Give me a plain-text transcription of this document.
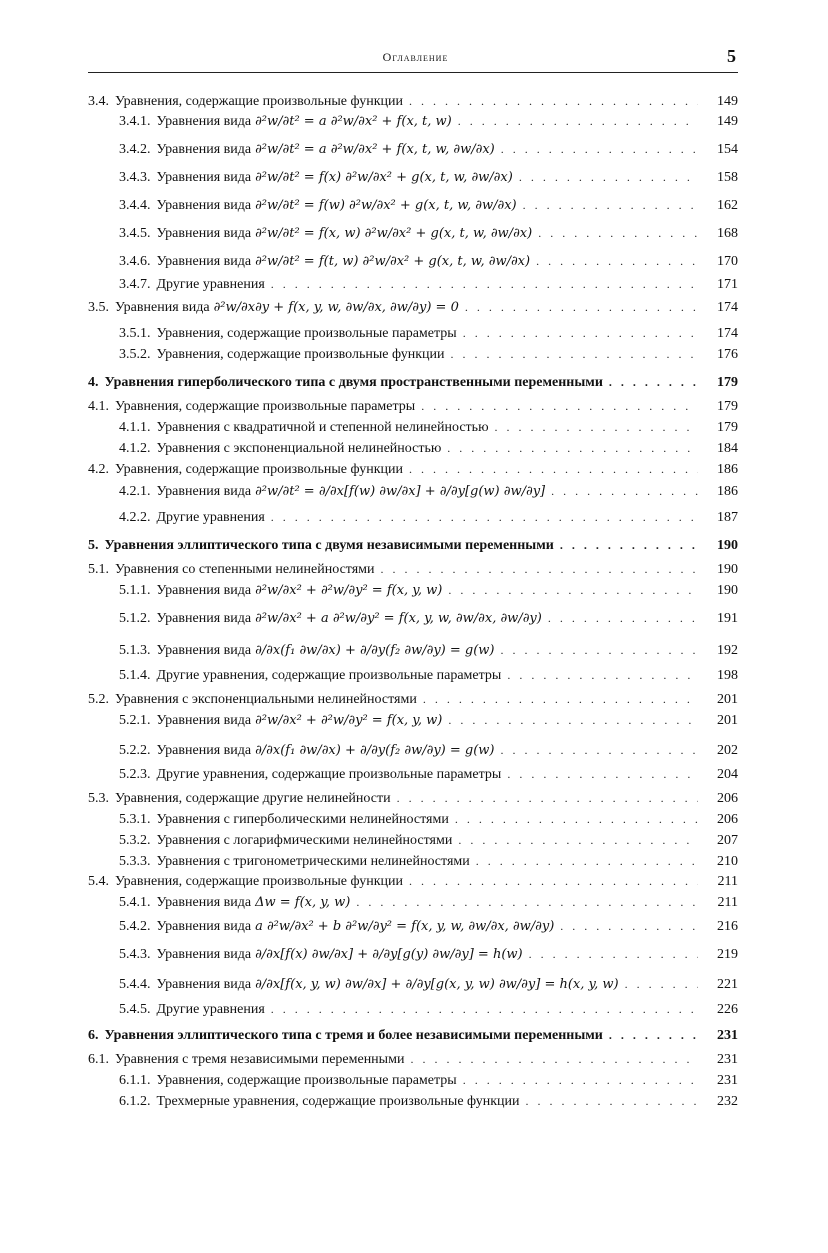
Оглавление	5
3.4. Уравнения, содержащие произвольные функции . . .	149
3.4.1. Уравнения вида ∂²w/∂t² = a ∂²w/∂x² + f(x, t, w) . . .	149
3.4.2. Уравнения вида ∂²w/∂t² = a ∂²w/∂x² + f(x, t, w, ∂w/∂x) . . .	154
3.4.3. Уравнения вида ∂²w/∂t² = f(x) ∂²w/∂x² + g(x, t, w, ∂w/∂x) . . .	158
3.4.4. Уравнения вида ∂²w/∂t² = f(w) ∂²w/∂x² + g(x, t, w, ∂w/∂x) . . .	162
3.4.5. Уравнения вида ∂²w/∂t² = f(x, w) ∂²w/∂x² + g(x, t, w, ∂w/∂x) . . .	168
3.4.6. Уравнения вида ∂²w/∂t² = f(t, w) ∂²w/∂x² + g(x, t, w, ∂w/∂x) . . .	170
3.4.7. Другие уравнения . . .	171
3.5. Уравнения вида ∂²w/∂x∂y + f(x, y, w, ∂w/∂x, ∂w/∂y) = 0 . . .	174
3.5.1. Уравнения, содержащие произвольные параметры . . .	174
3.5.2. Уравнения, содержащие произвольные функции . . .	176
4. Уравнения гиперболического типа с двумя пространственными переменными . . .	179
4.1. Уравнения, содержащие произвольные параметры . . .	179
4.1.1. Уравнения с квадратичной и степенной нелинейностью . . .	179
4.1.2. Уравнения с экспоненциальной нелинейностью . . .	184
4.2. Уравнения, содержащие произвольные функции . . .	186
4.2.1. Уравнения вида ∂²w/∂t² = ∂/∂x[f(w) ∂w/∂x] + ∂/∂y[g(w) ∂w/∂y] . . .	186
4.2.2. Другие уравнения . . .	187
5. Уравнения эллиптического типа с двумя независимыми переменными . . .	190
5.1. Уравнения со степенными нелинейностями . . .	190
5.1.1. Уравнения вида ∂²w/∂x² + ∂²w/∂y² = f(x, y, w) . . .	190
5.1.2. Уравнения вида ∂²w/∂x² + a ∂²w/∂y² = f(x, y, w, ∂w/∂x, ∂w/∂y) . . .	191
5.1.3. Уравнения вида ∂/∂x(f₁ ∂w/∂x) + ∂/∂y(f₂ ∂w/∂y) = g(w) . . .	192
5.1.4. Другие уравнения, содержащие произвольные параметры . . .	198
5.2. Уравнения с экспоненциальными нелинейностями . . .	201
5.2.1. Уравнения вида ∂²w/∂x² + ∂²w/∂y² = f(x, y, w) . . .	201
5.2.2. Уравнения вида ∂/∂x(f₁ ∂w/∂x) + ∂/∂y(f₂ ∂w/∂y) = g(w) . . .	202
5.2.3. Другие уравнения, содержащие произвольные параметры . . .	204
5.3. Уравнения, содержащие другие нелинейности . . .	206
5.3.1. Уравнения с гиперболическими нелинейностями . . .	206
5.3.2. Уравнения с логарифмическими нелинейностями . . .	207
5.3.3. Уравнения с тригонометрическими нелинейностями . . .	210
5.4. Уравнения, содержащие произвольные функции . . .	211
5.4.1. Уравнения вида Δw = f(x, y, w) . . .	211
5.4.2. Уравнения вида a ∂²w/∂x² + b ∂²w/∂y² = f(x, y, w, ∂w/∂x, ∂w/∂y) . . .	216
5.4.3. Уравнения вида ∂/∂x[f(x) ∂w/∂x] + ∂/∂y[g(y) ∂w/∂y] = h(w) . . .	219
5.4.4. Уравнения вида ∂/∂x[f(x, y, w) ∂w/∂x] + ∂/∂y[g(x, y, w) ∂w/∂y] = h(x, y, w) . . .	221
5.4.5. Другие уравнения . . .	226
6. Уравнения эллиптического типа с тремя и более независимыми переменными . . .	231
6.1. Уравнения с тремя независимыми переменными . . .	231
6.1.1. Уравнения, содержащие произвольные параметры . . .	231
6.1.2. Трехмерные уравнения, содержащие произвольные функции . . .	232
